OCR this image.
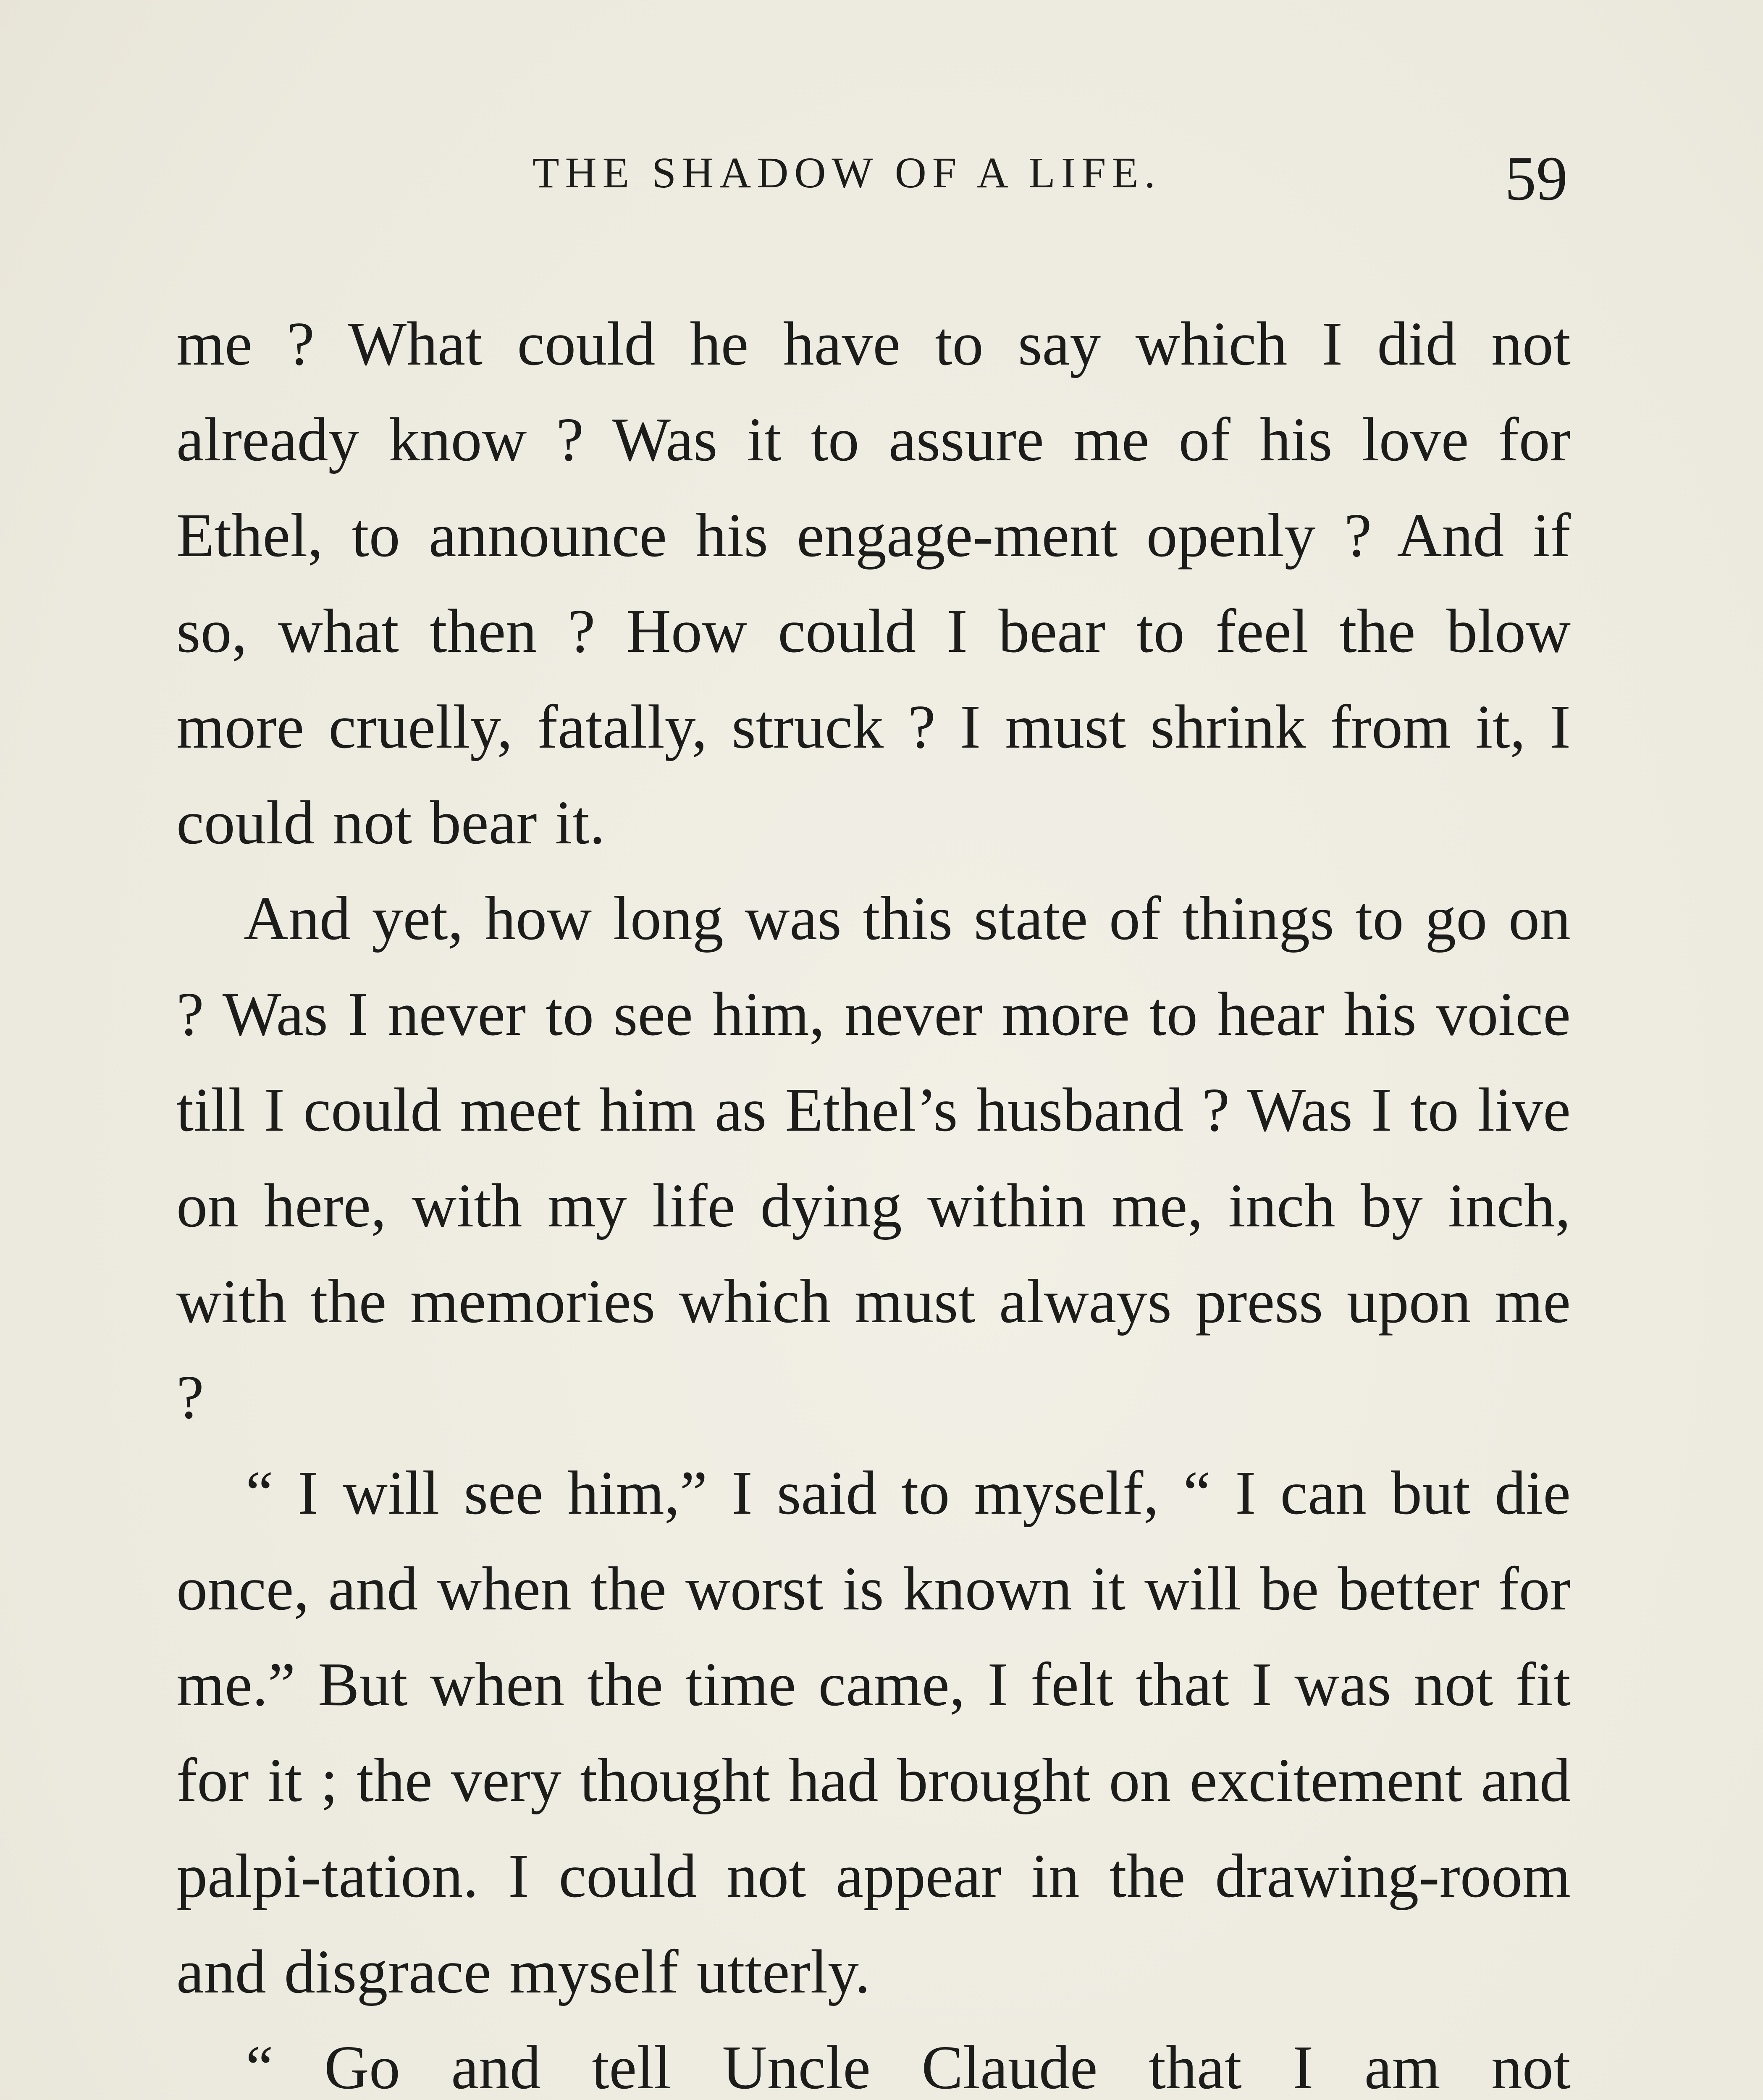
THE SHADOW OF A LIFE.	59

me ? What could he have to say which I did not already know ? Was it to assure me of his love for Ethel, to announce his engage-ment openly ? And if so, what then ? How could I bear to feel the blow more cruelly, fatally, struck ? I must shrink from it, I could not bear it.

And yet, how long was this state of things to go on ? Was I never to see him, never more to hear his voice till I could meet him as Ethel’s husband ? Was I to live on here, with my life dying within me, inch by inch, with the memories which must always press upon me ?

“ I will see him,” I said to myself, “ I can but die once, and when the worst is known it will be better for me.” But when the time came, I felt that I was not fit for it ; the very thought had brought on excitement and palpi-tation. I could not appear in the drawing-room and disgrace myself utterly.

“ Go and tell Uncle Claude that I am not
